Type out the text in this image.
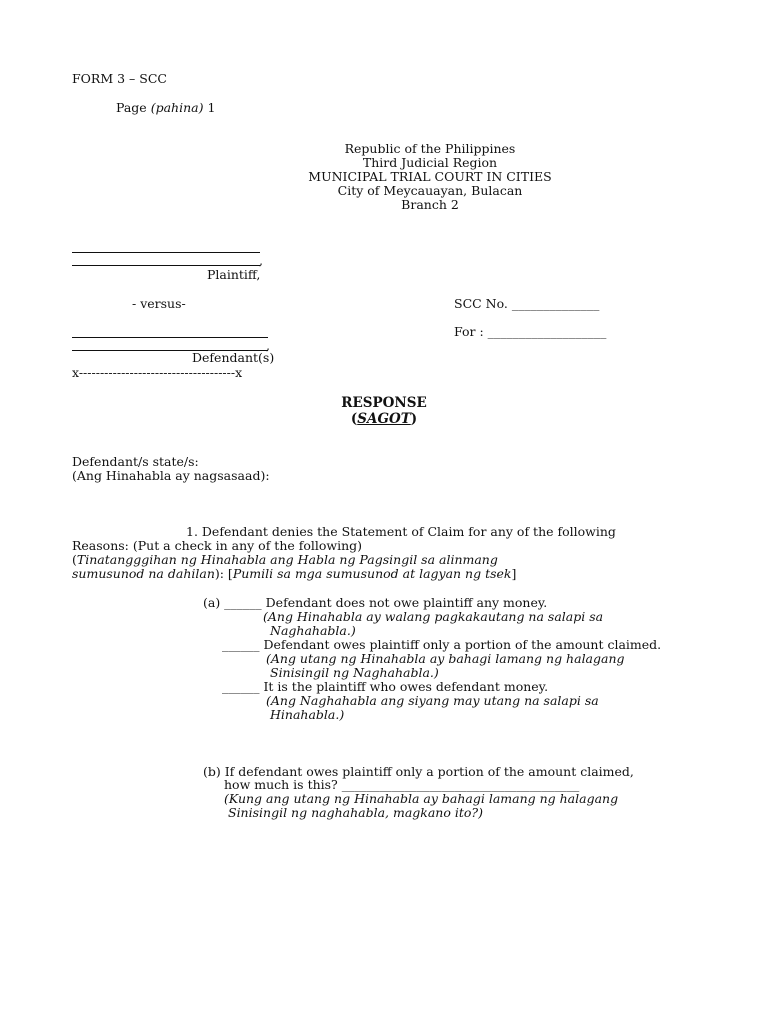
FORM 3 – SCC
Page (pahina) 1
Republic of the Philippines
Third Judicial Region
MUNICIPAL TRIAL COURT IN CITIES
City of Meycauayan, Bulacan
Branch 2
,
Plaintiff,
- versus-	SCC No. ______________
For : ___________________
,
Defendant(s)
x-------------------------------------x
RESPONSE
(SAGOT)
Defendant/s state/s:
(Ang Hinahabla ay nagsasaad):
1. Defendant denies the Statement of Claim for any of the following
Reasons: (Put a check in any of the following)
(Tinatangggihan ng Hinahabla ang Habla ng Pagsingil sa alinmang
sumusunod na dahilan): [Pumili sa mga sumusunod at lagyan ng tsek]
(a) ______ Defendant does not owe plaintiff any money.
(Ang Hinahabla ay walang pagkakautang na salapi sa
Naghahabla.)
______ Defendant owes plaintiff only a portion of the amount claimed.
(Ang utang ng Hinahabla ay bahagi lamang ng halagang
Sinisingil ng Naghahabla.)
______ It is the plaintiff who owes defendant money.
(Ang Naghahabla ang siyang may utang na salapi sa
Hinahabla.)
(b) If defendant owes plaintiff only a portion of the amount claimed,
how much is this? ______________________________________
(Kung ang utang ng Hinahabla ay bahagi lamang ng halagang
Sinisingil ng naghahabla, magkano ito?)
